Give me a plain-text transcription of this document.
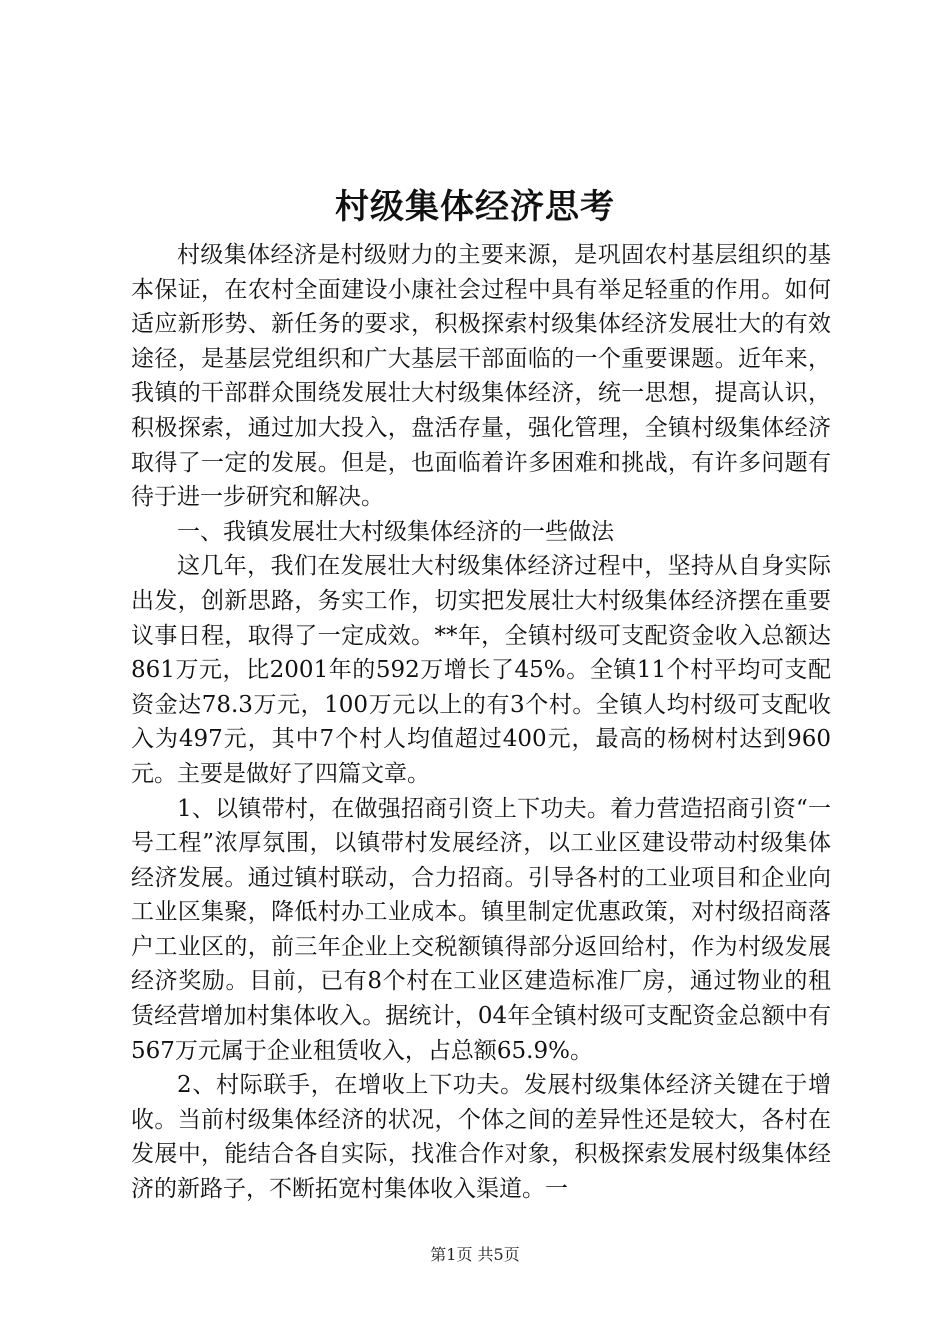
村级集体经济思考

村级集体经济是村级财力的主要来源，是巩固农村基层组织的基本保证，在农村全面建设小康社会过程中具有举足轻重的作用。如何适应新形势、新任务的要求，积极探索村级集体经济发展壮大的有效途径，是基层党组织和广大基层干部面临的一个重要课题。近年来，我镇的干部群众围绕发展壮大村级集体经济，统一思想，提高认识，积极探索，通过加大投入，盘活存量，强化管理，全镇村级集体经济取得了一定的发展。但是，也面临着许多困难和挑战，有许多问题有待于进一步研究和解决。

一、我镇发展壮大村级集体经济的一些做法

这几年，我们在发展壮大村级集体经济过程中，坚持从自身实际出发，创新思路，务实工作，切实把发展壮大村级集体经济摆在重要议事日程，取得了一定成效。**年，全镇村级可支配资金收入总额达861万元，比2001年的592万增长了45%。全镇11个村平均可支配资金达78.3万元，100万元以上的有3个村。全镇人均村级可支配收入为497元，其中7个村人均值超过400元，最高的杨树村达到960元。主要是做好了四篇文章。

1、以镇带村，在做强招商引资上下功夫。着力营造招商引资“一号工程”浓厚氛围，以镇带村发展经济，以工业区建设带动村级集体经济发展。通过镇村联动，合力招商。引导各村的工业项目和企业向工业区集聚，降低村办工业成本。镇里制定优惠政策，对村级招商落户工业区的，前三年企业上交税额镇得部分返回给村，作为村级发展经济奖励。目前，已有8个村在工业区建造标准厂房，通过物业的租赁经营增加村集体收入。据统计，04年全镇村级可支配资金总额中有567万元属于企业租赁收入，占总额65.9%。

2、村际联手，在增收上下功夫。发展村级集体经济关键在于增收。当前村级集体经济的状况，个体之间的差异性还是较大，各村在发展中，能结合各自实际，找准合作对象，积极探索发展村级集体经济的新路子，不断拓宽村集体收入渠道。一

第1页 共5页
